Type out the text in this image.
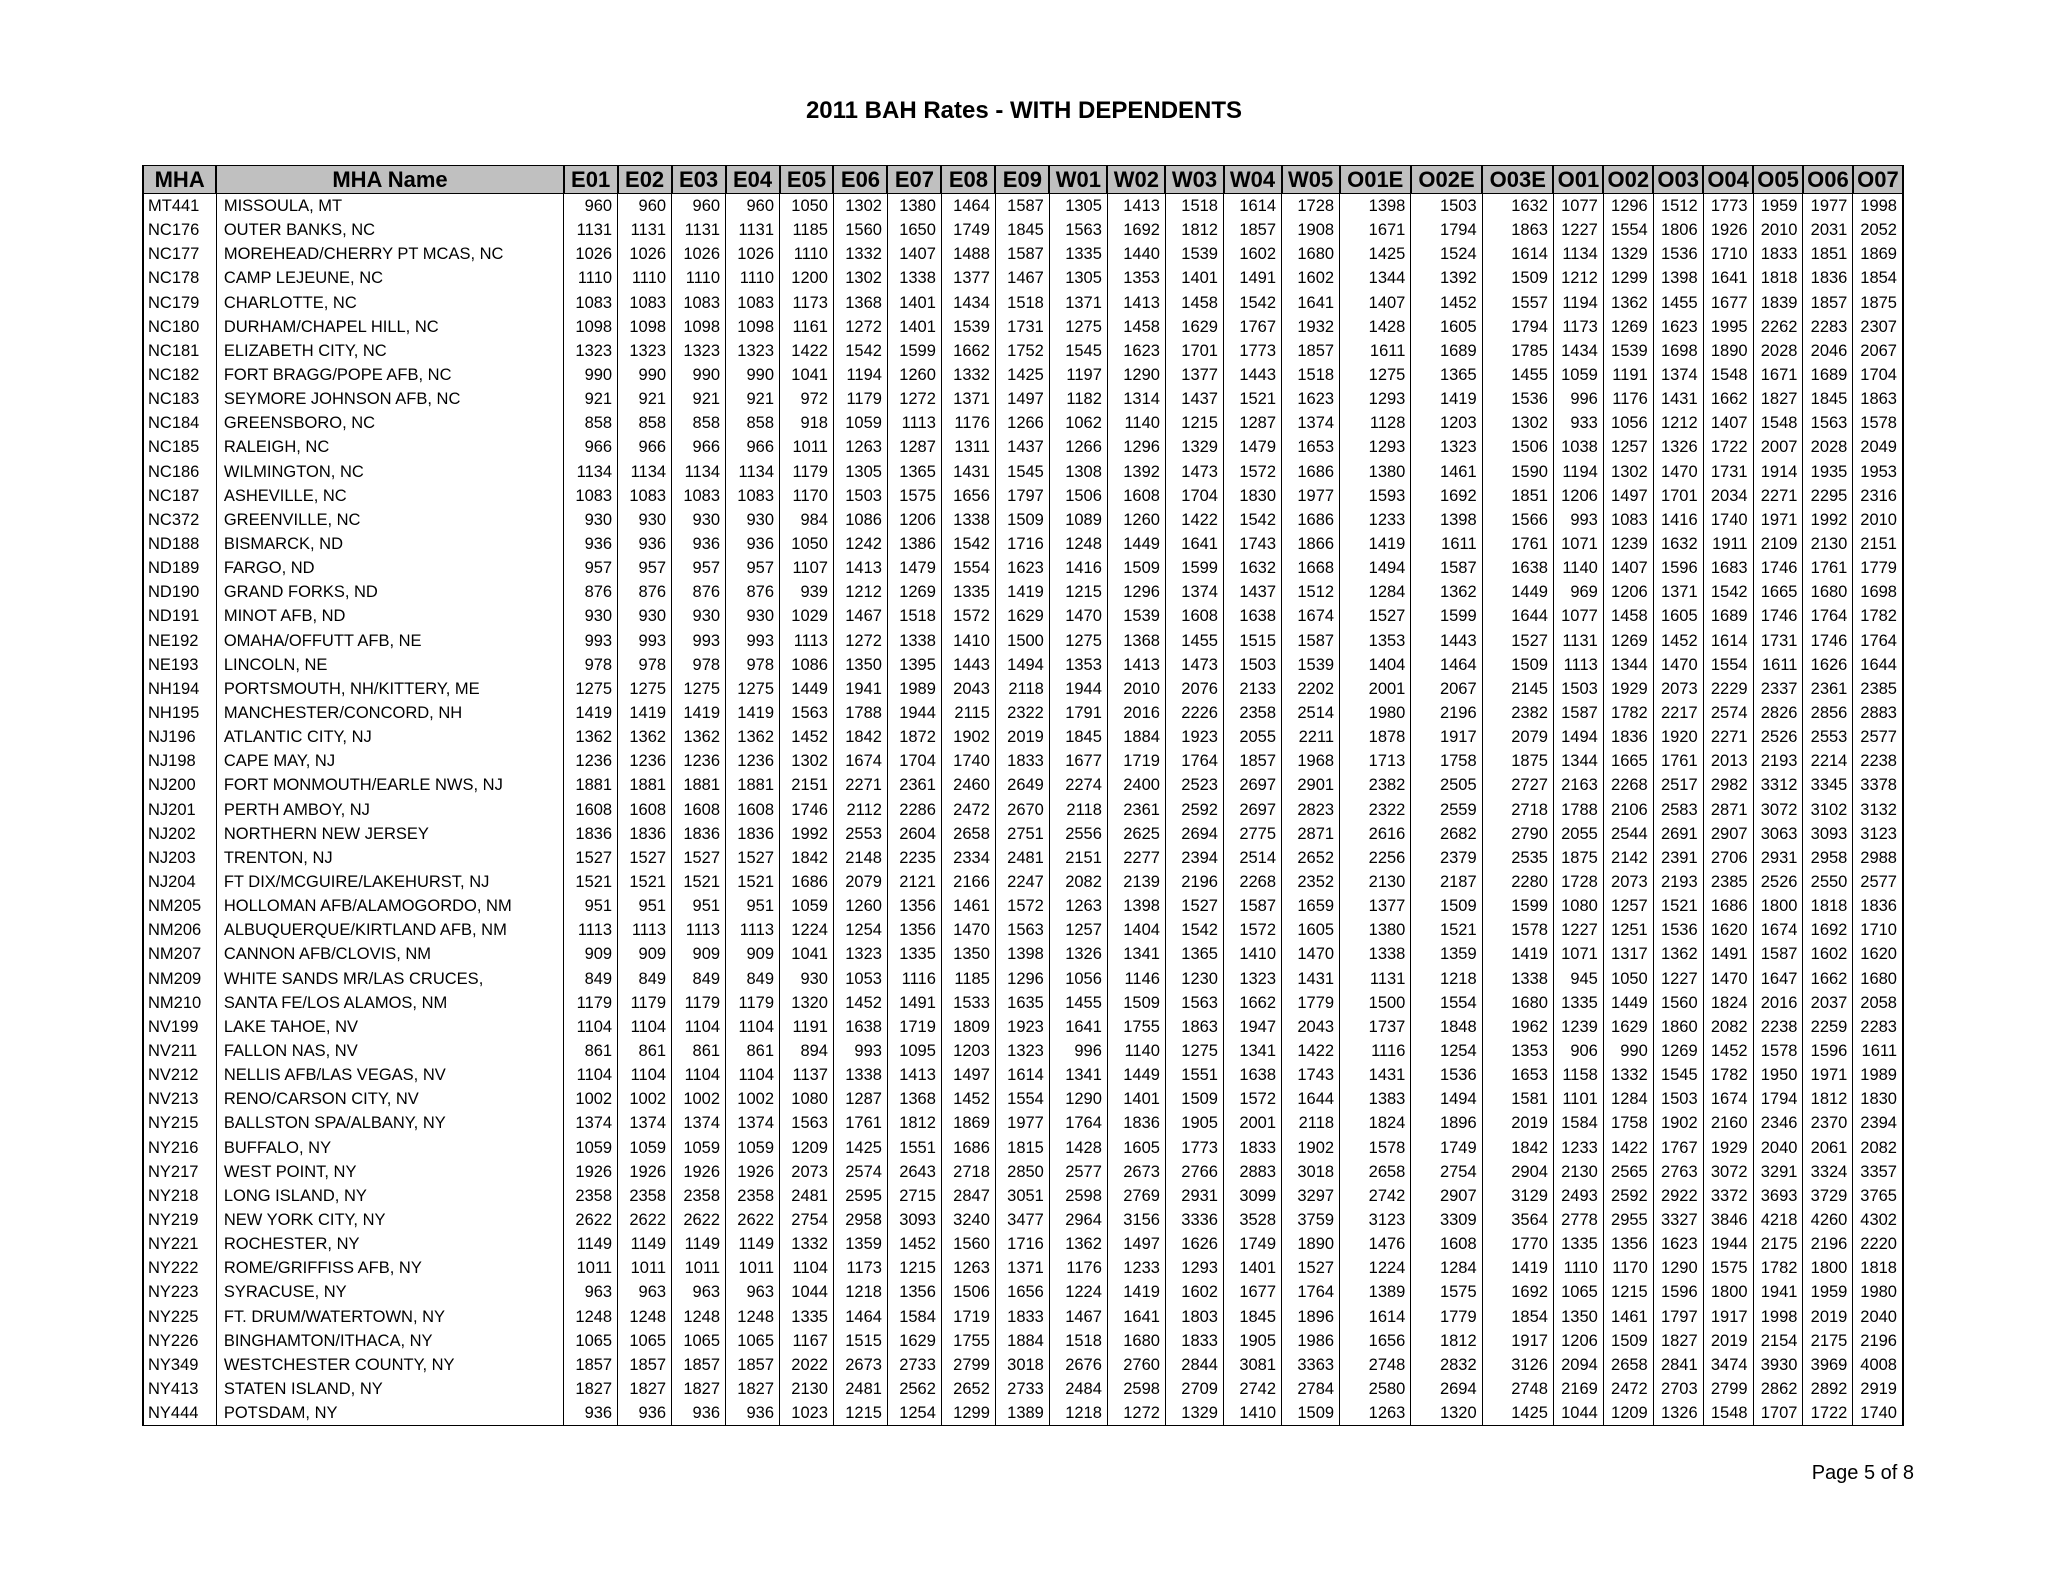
2011 BAH Rates - WITH DEPENDENTS
MHA	MHA Name	E01	E02	E03	E04	E05	E06	E07	E08	E09	W01	W02	W03	W04	W05	O01E	O02E	O03E	O01	O02	O03	O04	O05	O06	O07
MT441	MISSOULA, MT	960	960	960	960	1050	1302	1380	1464	1587	1305	1413	1518	1614	1728	1398	1503	1632	1077	1296	1512	1773	1959	1977	1998
NC176	OUTER BANKS, NC	1131	1131	1131	1131	1185	1560	1650	1749	1845	1563	1692	1812	1857	1908	1671	1794	1863	1227	1554	1806	1926	2010	2031	2052
NC177	MOREHEAD/CHERRY PT MCAS, NC	1026	1026	1026	1026	1110	1332	1407	1488	1587	1335	1440	1539	1602	1680	1425	1524	1614	1134	1329	1536	1710	1833	1851	1869
NC178	CAMP LEJEUNE, NC	1110	1110	1110	1110	1200	1302	1338	1377	1467	1305	1353	1401	1491	1602	1344	1392	1509	1212	1299	1398	1641	1818	1836	1854
NC179	CHARLOTTE, NC	1083	1083	1083	1083	1173	1368	1401	1434	1518	1371	1413	1458	1542	1641	1407	1452	1557	1194	1362	1455	1677	1839	1857	1875
NC180	DURHAM/CHAPEL HILL, NC	1098	1098	1098	1098	1161	1272	1401	1539	1731	1275	1458	1629	1767	1932	1428	1605	1794	1173	1269	1623	1995	2262	2283	2307
NC181	ELIZABETH CITY, NC	1323	1323	1323	1323	1422	1542	1599	1662	1752	1545	1623	1701	1773	1857	1611	1689	1785	1434	1539	1698	1890	2028	2046	2067
NC182	FORT BRAGG/POPE AFB, NC	990	990	990	990	1041	1194	1260	1332	1425	1197	1290	1377	1443	1518	1275	1365	1455	1059	1191	1374	1548	1671	1689	1704
NC183	SEYMORE JOHNSON AFB, NC	921	921	921	921	972	1179	1272	1371	1497	1182	1314	1437	1521	1623	1293	1419	1536	996	1176	1431	1662	1827	1845	1863
NC184	GREENSBORO, NC	858	858	858	858	918	1059	1113	1176	1266	1062	1140	1215	1287	1374	1128	1203	1302	933	1056	1212	1407	1548	1563	1578
NC185	RALEIGH, NC	966	966	966	966	1011	1263	1287	1311	1437	1266	1296	1329	1479	1653	1293	1323	1506	1038	1257	1326	1722	2007	2028	2049
NC186	WILMINGTON, NC	1134	1134	1134	1134	1179	1305	1365	1431	1545	1308	1392	1473	1572	1686	1380	1461	1590	1194	1302	1470	1731	1914	1935	1953
NC187	ASHEVILLE, NC	1083	1083	1083	1083	1170	1503	1575	1656	1797	1506	1608	1704	1830	1977	1593	1692	1851	1206	1497	1701	2034	2271	2295	2316
NC372	GREENVILLE, NC	930	930	930	930	984	1086	1206	1338	1509	1089	1260	1422	1542	1686	1233	1398	1566	993	1083	1416	1740	1971	1992	2010
ND188	BISMARCK, ND	936	936	936	936	1050	1242	1386	1542	1716	1248	1449	1641	1743	1866	1419	1611	1761	1071	1239	1632	1911	2109	2130	2151
ND189	FARGO, ND	957	957	957	957	1107	1413	1479	1554	1623	1416	1509	1599	1632	1668	1494	1587	1638	1140	1407	1596	1683	1746	1761	1779
ND190	GRAND FORKS, ND	876	876	876	876	939	1212	1269	1335	1419	1215	1296	1374	1437	1512	1284	1362	1449	969	1206	1371	1542	1665	1680	1698
ND191	MINOT AFB, ND	930	930	930	930	1029	1467	1518	1572	1629	1470	1539	1608	1638	1674	1527	1599	1644	1077	1458	1605	1689	1746	1764	1782
NE192	OMAHA/OFFUTT AFB, NE	993	993	993	993	1113	1272	1338	1410	1500	1275	1368	1455	1515	1587	1353	1443	1527	1131	1269	1452	1614	1731	1746	1764
NE193	LINCOLN, NE	978	978	978	978	1086	1350	1395	1443	1494	1353	1413	1473	1503	1539	1404	1464	1509	1113	1344	1470	1554	1611	1626	1644
NH194	PORTSMOUTH, NH/KITTERY, ME	1275	1275	1275	1275	1449	1941	1989	2043	2118	1944	2010	2076	2133	2202	2001	2067	2145	1503	1929	2073	2229	2337	2361	2385
NH195	MANCHESTER/CONCORD, NH	1419	1419	1419	1419	1563	1788	1944	2115	2322	1791	2016	2226	2358	2514	1980	2196	2382	1587	1782	2217	2574	2826	2856	2883
NJ196	ATLANTIC CITY, NJ	1362	1362	1362	1362	1452	1842	1872	1902	2019	1845	1884	1923	2055	2211	1878	1917	2079	1494	1836	1920	2271	2526	2553	2577
NJ198	CAPE MAY, NJ	1236	1236	1236	1236	1302	1674	1704	1740	1833	1677	1719	1764	1857	1968	1713	1758	1875	1344	1665	1761	2013	2193	2214	2238
NJ200	FORT MONMOUTH/EARLE NWS, NJ	1881	1881	1881	1881	2151	2271	2361	2460	2649	2274	2400	2523	2697	2901	2382	2505	2727	2163	2268	2517	2982	3312	3345	3378
NJ201	PERTH AMBOY, NJ	1608	1608	1608	1608	1746	2112	2286	2472	2670	2118	2361	2592	2697	2823	2322	2559	2718	1788	2106	2583	2871	3072	3102	3132
NJ202	NORTHERN NEW JERSEY	1836	1836	1836	1836	1992	2553	2604	2658	2751	2556	2625	2694	2775	2871	2616	2682	2790	2055	2544	2691	2907	3063	3093	3123
NJ203	TRENTON, NJ	1527	1527	1527	1527	1842	2148	2235	2334	2481	2151	2277	2394	2514	2652	2256	2379	2535	1875	2142	2391	2706	2931	2958	2988
NJ204	FT DIX/MCGUIRE/LAKEHURST, NJ	1521	1521	1521	1521	1686	2079	2121	2166	2247	2082	2139	2196	2268	2352	2130	2187	2280	1728	2073	2193	2385	2526	2550	2577
NM205	HOLLOMAN AFB/ALAMOGORDO, NM	951	951	951	951	1059	1260	1356	1461	1572	1263	1398	1527	1587	1659	1377	1509	1599	1080	1257	1521	1686	1800	1818	1836
NM206	ALBUQUERQUE/KIRTLAND AFB, NM	1113	1113	1113	1113	1224	1254	1356	1470	1563	1257	1404	1542	1572	1605	1380	1521	1578	1227	1251	1536	1620	1674	1692	1710
NM207	CANNON AFB/CLOVIS, NM	909	909	909	909	1041	1323	1335	1350	1398	1326	1341	1365	1410	1470	1338	1359	1419	1071	1317	1362	1491	1587	1602	1620
NM209	WHITE SANDS MR/LAS CRUCES,	849	849	849	849	930	1053	1116	1185	1296	1056	1146	1230	1323	1431	1131	1218	1338	945	1050	1227	1470	1647	1662	1680
NM210	SANTA FE/LOS ALAMOS, NM	1179	1179	1179	1179	1320	1452	1491	1533	1635	1455	1509	1563	1662	1779	1500	1554	1680	1335	1449	1560	1824	2016	2037	2058
NV199	LAKE TAHOE, NV	1104	1104	1104	1104	1191	1638	1719	1809	1923	1641	1755	1863	1947	2043	1737	1848	1962	1239	1629	1860	2082	2238	2259	2283
NV211	FALLON NAS, NV	861	861	861	861	894	993	1095	1203	1323	996	1140	1275	1341	1422	1116	1254	1353	906	990	1269	1452	1578	1596	1611
NV212	NELLIS AFB/LAS VEGAS, NV	1104	1104	1104	1104	1137	1338	1413	1497	1614	1341	1449	1551	1638	1743	1431	1536	1653	1158	1332	1545	1782	1950	1971	1989
NV213	RENO/CARSON CITY, NV	1002	1002	1002	1002	1080	1287	1368	1452	1554	1290	1401	1509	1572	1644	1383	1494	1581	1101	1284	1503	1674	1794	1812	1830
NY215	BALLSTON SPA/ALBANY, NY	1374	1374	1374	1374	1563	1761	1812	1869	1977	1764	1836	1905	2001	2118	1824	1896	2019	1584	1758	1902	2160	2346	2370	2394
NY216	BUFFALO, NY	1059	1059	1059	1059	1209	1425	1551	1686	1815	1428	1605	1773	1833	1902	1578	1749	1842	1233	1422	1767	1929	2040	2061	2082
NY217	WEST POINT, NY	1926	1926	1926	1926	2073	2574	2643	2718	2850	2577	2673	2766	2883	3018	2658	2754	2904	2130	2565	2763	3072	3291	3324	3357
NY218	LONG ISLAND, NY	2358	2358	2358	2358	2481	2595	2715	2847	3051	2598	2769	2931	3099	3297	2742	2907	3129	2493	2592	2922	3372	3693	3729	3765
NY219	NEW YORK CITY, NY	2622	2622	2622	2622	2754	2958	3093	3240	3477	2964	3156	3336	3528	3759	3123	3309	3564	2778	2955	3327	3846	4218	4260	4302
NY221	ROCHESTER, NY	1149	1149	1149	1149	1332	1359	1452	1560	1716	1362	1497	1626	1749	1890	1476	1608	1770	1335	1356	1623	1944	2175	2196	2220
NY222	ROME/GRIFFISS AFB, NY	1011	1011	1011	1011	1104	1173	1215	1263	1371	1176	1233	1293	1401	1527	1224	1284	1419	1110	1170	1290	1575	1782	1800	1818
NY223	SYRACUSE, NY	963	963	963	963	1044	1218	1356	1506	1656	1224	1419	1602	1677	1764	1389	1575	1692	1065	1215	1596	1800	1941	1959	1980
NY225	FT. DRUM/WATERTOWN, NY	1248	1248	1248	1248	1335	1464	1584	1719	1833	1467	1641	1803	1845	1896	1614	1779	1854	1350	1461	1797	1917	1998	2019	2040
NY226	BINGHAMTON/ITHACA, NY	1065	1065	1065	1065	1167	1515	1629	1755	1884	1518	1680	1833	1905	1986	1656	1812	1917	1206	1509	1827	2019	2154	2175	2196
NY349	WESTCHESTER COUNTY, NY	1857	1857	1857	1857	2022	2673	2733	2799	3018	2676	2760	2844	3081	3363	2748	2832	3126	2094	2658	2841	3474	3930	3969	4008
NY413	STATEN ISLAND, NY	1827	1827	1827	1827	2130	2481	2562	2652	2733	2484	2598	2709	2742	2784	2580	2694	2748	2169	2472	2703	2799	2862	2892	2919
NY444	POTSDAM, NY	936	936	936	936	1023	1215	1254	1299	1389	1218	1272	1329	1410	1509	1263	1320	1425	1044	1209	1326	1548	1707	1722	1740
Page 5 of 8
